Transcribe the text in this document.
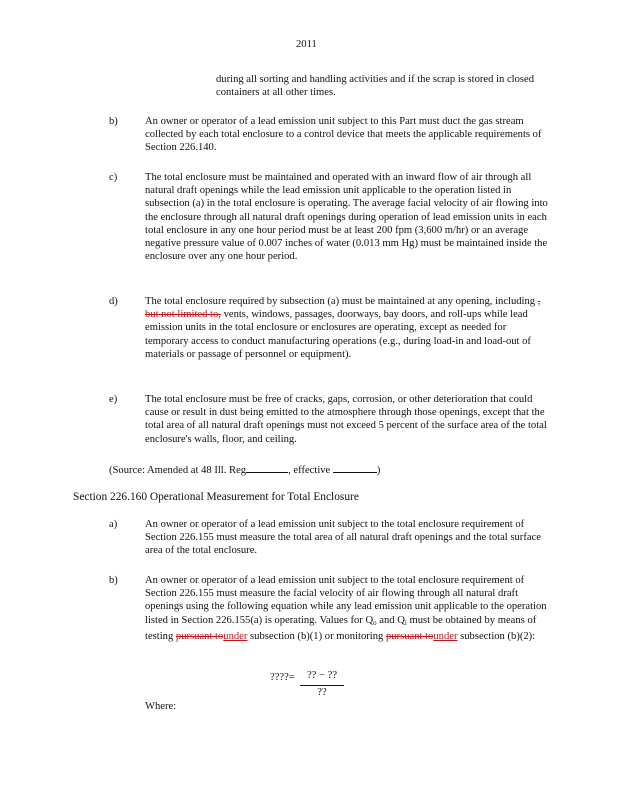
2011
during all sorting and handling activities and if the scrap is stored in closed containers at all other times.
b)	An owner or operator of a lead emission unit subject to this Part must duct the gas stream collected by each total enclosure to a control device that meets the applicable requirements of Section 226.140.
c)	The total enclosure must be maintained and operated with an inward flow of air through all natural draft openings while the lead emission unit applicable to the operation listed in subsection (a) in the total enclosure is operating. The average facial velocity of air flowing into the enclosure through all natural draft openings during operation of lead emission units in each total enclosure in any one hour period must be at least 200 fpm (3,600 m/hr) or an average negative pressure value of 0.007 inches of water (0.013 mm Hg) must be maintained inside the enclosure over any one hour period.
d)	The total enclosure required by subsection (a) must be maintained at any opening, including , but not limited to, vents, windows, passages, doorways, bay doors, and roll-ups while lead emission units in the total enclosure or enclosures are operating, except as needed for temporary access to conduct manufacturing operations (e.g., during load-in and load-out of materials or passage of personnel or equipment).
e)	The total enclosure must be free of cracks, gaps, corrosion, or other deterioration that could cause or result in dust being emitted to the atmosphere through those openings, except that the total area of all natural draft openings must not exceed 5 percent of the surface area of the total enclosure's walls, floor, and ceiling.
(Source: Amended at 48 Ill. Reg	, effective	)
Section 226.160 Operational Measurement for Total Enclosure
a)	An owner or operator of a lead emission unit subject to the total enclosure requirement of Section 226.155 must measure the total area of all natural draft openings and the total surface area of the total enclosure.
b)	An owner or operator of a lead emission unit subject to the total enclosure requirement of Section 226.155 must measure the facial velocity of air flowing through all natural draft openings using the following equation while any lead emission unit applicable to the operation listed in Section 226.155(a) is operating. Values for $Q_o$ and $Q_i$ must be obtained by means of testing pursuant tounder subsection (b)(1) or monitoring pursuant tounder subsection (b)(2):
????=	?? − ??
??
Where:
